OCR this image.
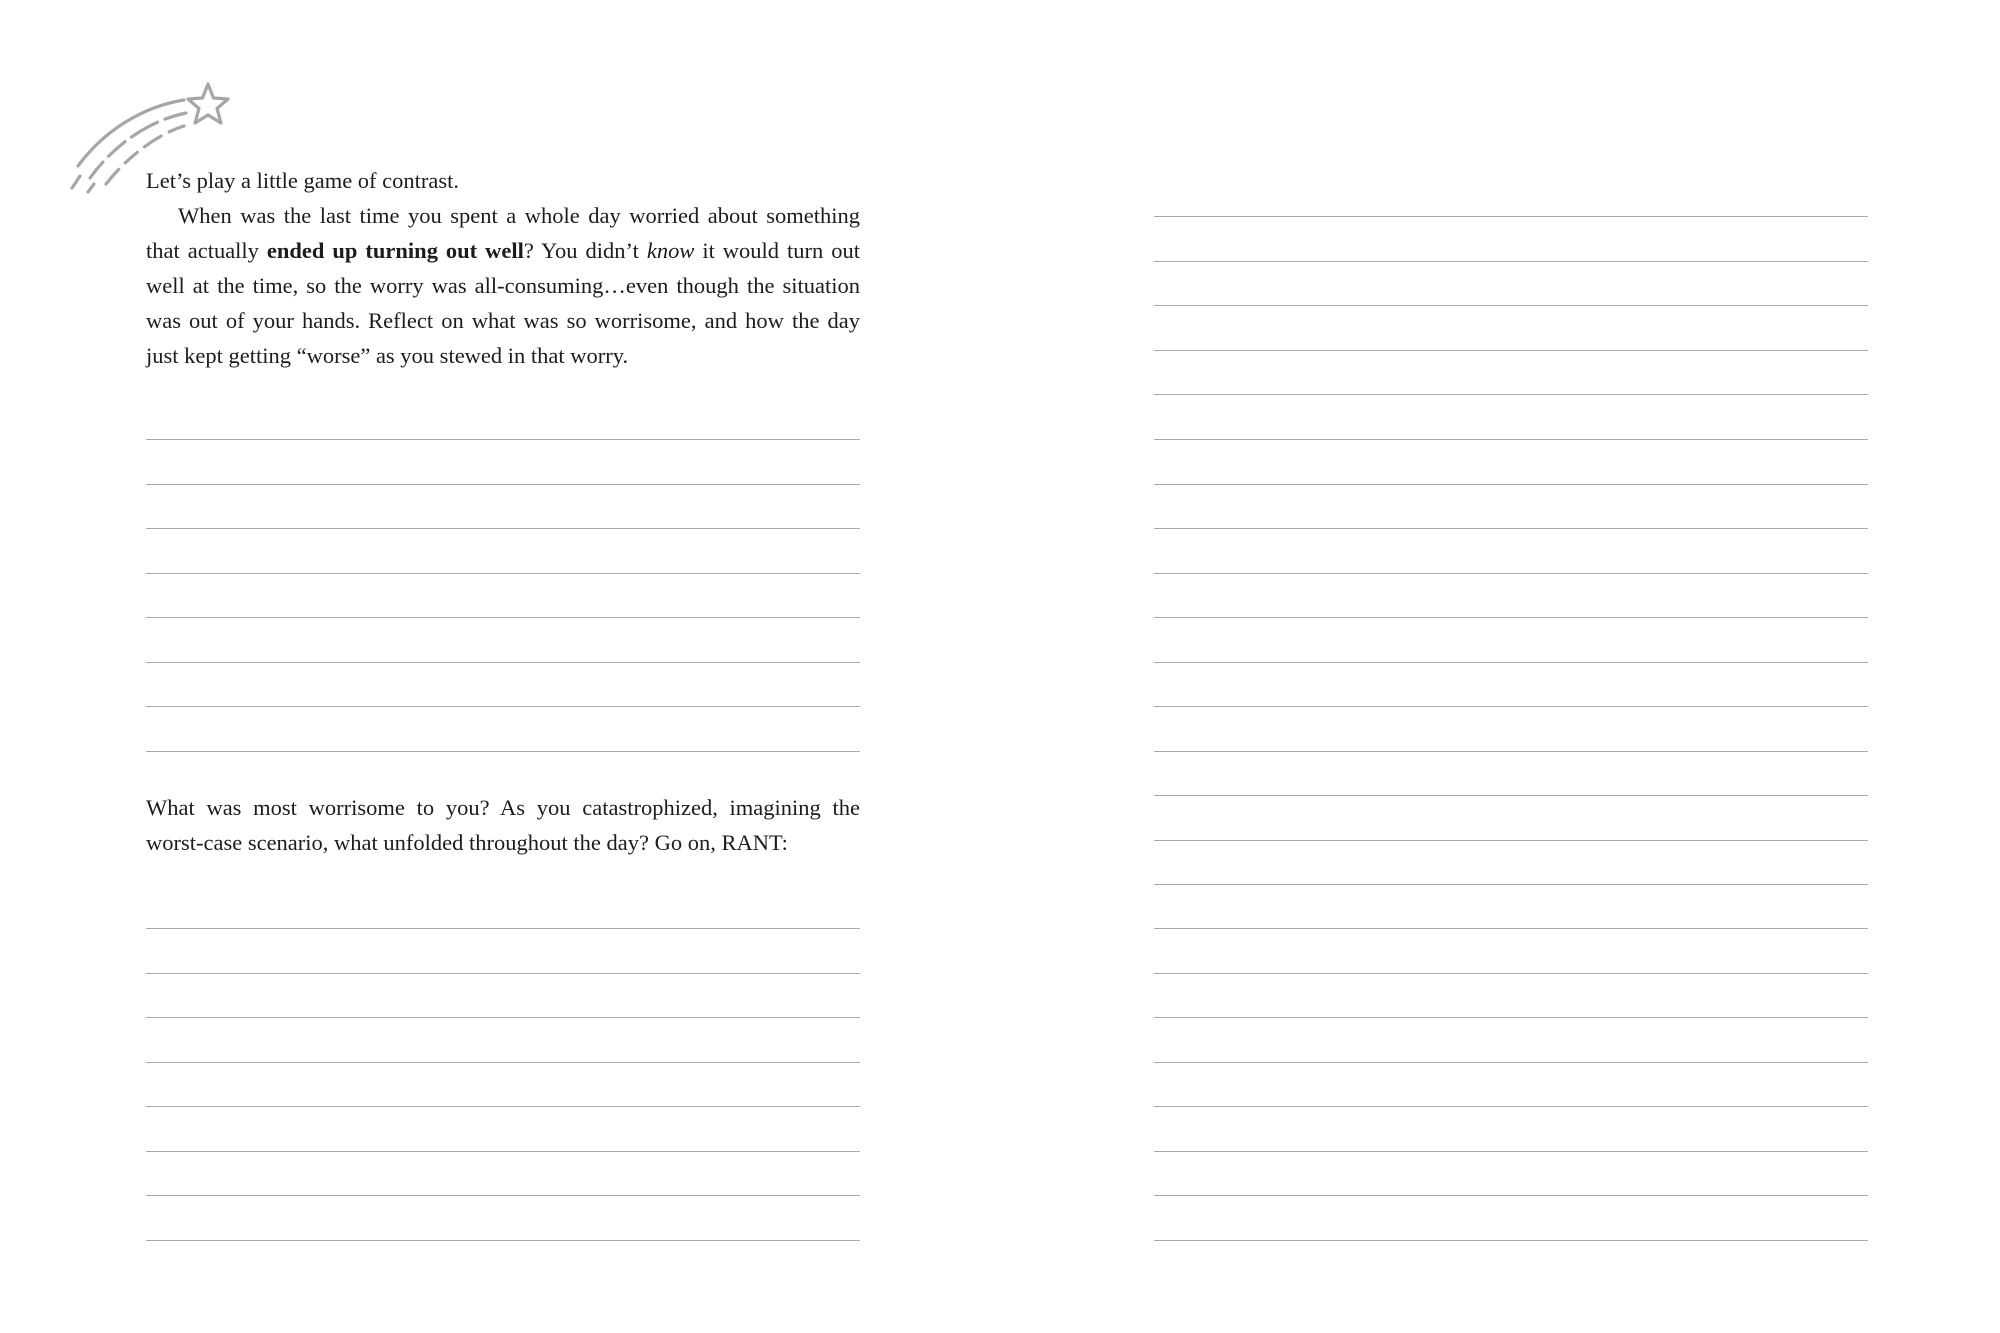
Let’s play a little game of contrast.

When was the last time you spent a whole day worried about something that actually ended up turning out well? You didn’t know it would turn out well at the time, so the worry was all-consuming…even though the situation was out of your hands. Reflect on what was so worrisome, and how the day just kept getting “worse” as you stewed in that worry.

What was most worrisome to you? As you catastrophized, imagining the worst-case scenario, what unfolded throughout the day? Go on, RANT:
